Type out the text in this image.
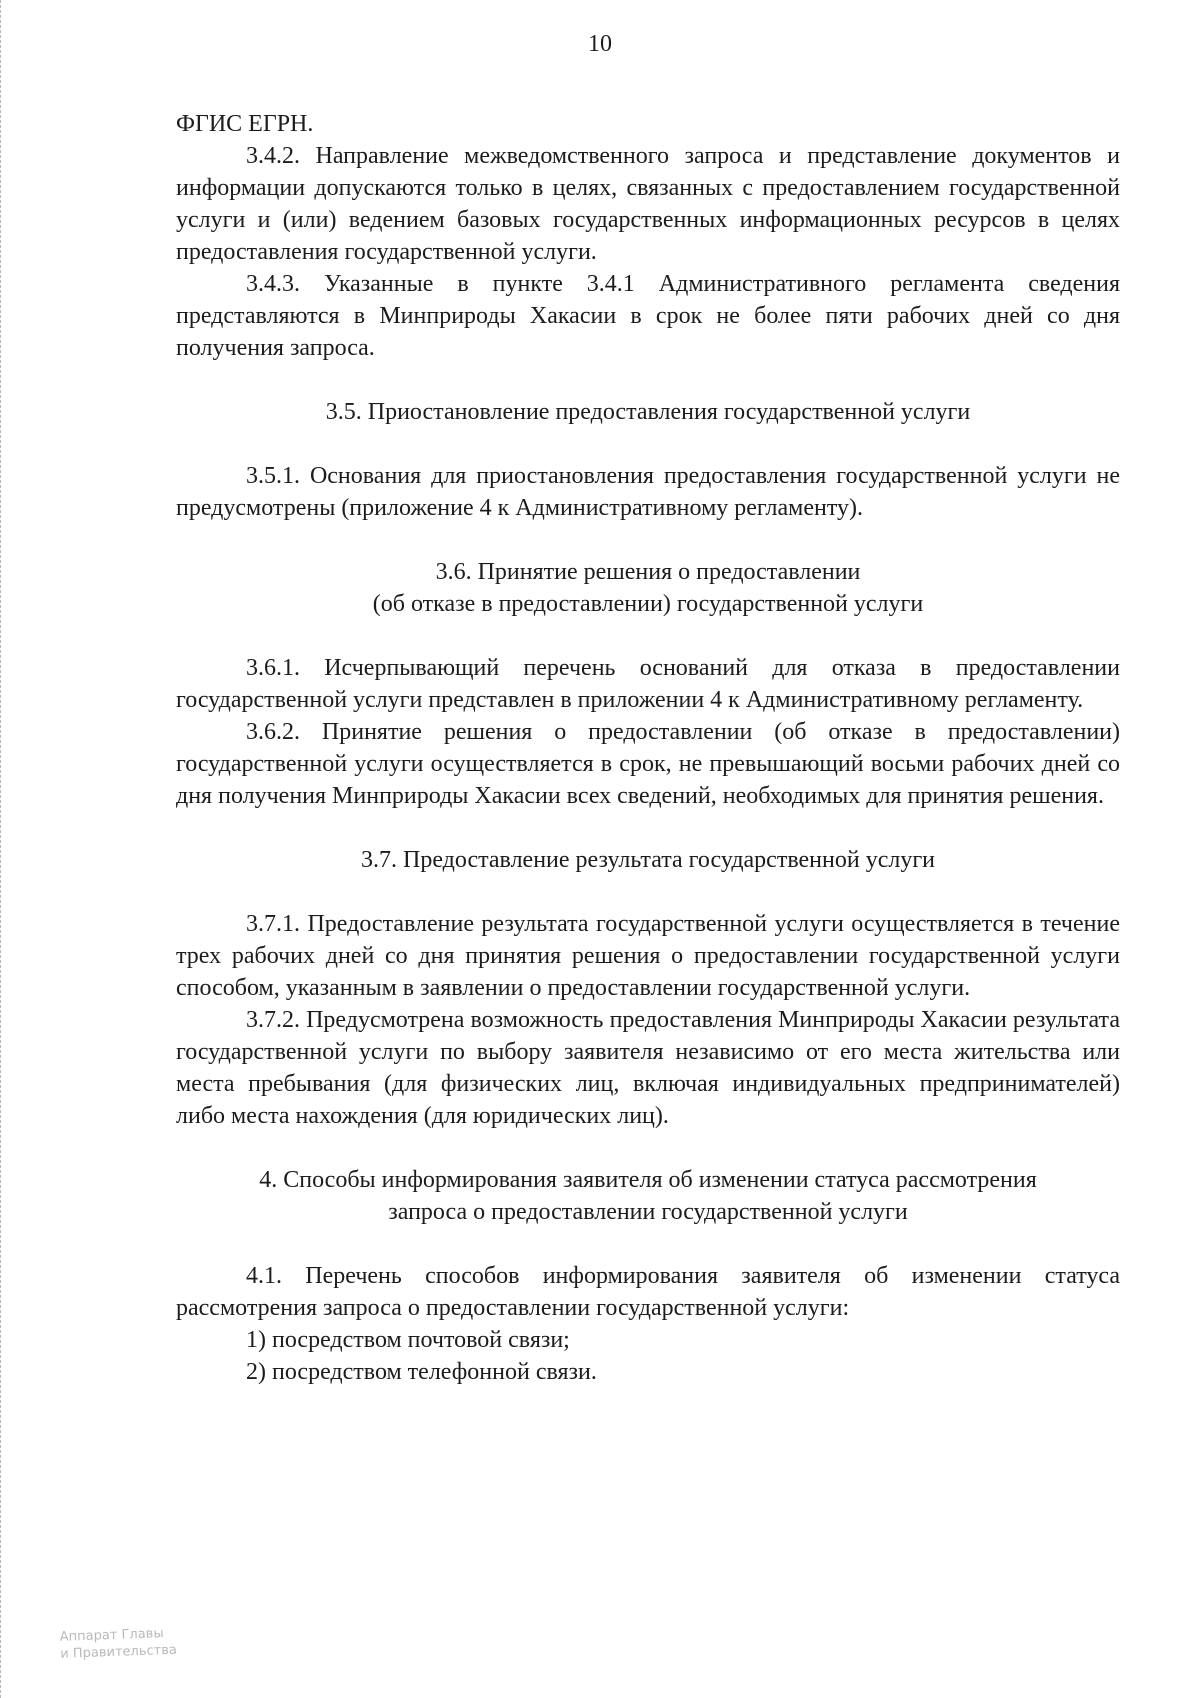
10

ФГИС ЕГРН.

3.4.2. Направление межведомственного запроса и представление документов и информации допускаются только в целях, связанных с предоставлением государственной услуги и (или) ведением базовых государственных информационных ресурсов в целях предоставления государственной услуги.

3.4.3. Указанные в пункте 3.4.1 Административного регламента сведения представляются в Минприроды Хакасии в срок не более пяти рабочих дней со дня получения запроса.

3.5. Приостановление предоставления государственной услуги

3.5.1. Основания для приостановления предоставления государственной услуги не предусмотрены (приложение 4 к Административному регламенту).

3.6. Принятие решения о предоставлении

(об отказе в предоставлении) государственной услуги

3.6.1. Исчерпывающий перечень оснований для отказа в предоставлении государственной услуги представлен в приложении 4 к Административному регламенту.

3.6.2. Принятие решения о предоставлении (об отказе в предоставлении) государственной услуги осуществляется в срок, не превышающий восьми рабочих дней со дня получения Минприроды Хакасии всех сведений, необходимых для принятия решения.

3.7. Предоставление результата государственной услуги

3.7.1. Предоставление результата государственной услуги осуществляется в течение трех рабочих дней со дня принятия решения о предоставлении государственной услуги способом, указанным в заявлении о предоставлении государственной услуги.

3.7.2. Предусмотрена возможность предоставления Минприроды Хакасии результата государственной услуги по выбору заявителя независимо от его места жительства или места пребывания (для физических лиц, включая индивидуальных предпринимателей) либо места нахождения (для юридических лиц).

4. Способы информирования заявителя об изменении статуса рассмотрения

запроса о предоставлении государственной услуги

4.1. Перечень способов информирования заявителя об изменении статуса рассмотрения запроса о предоставлении государственной услуги:

1) посредством почтовой связи;

2) посредством телефонной связи.

Аппарат Главы
и Правительства
